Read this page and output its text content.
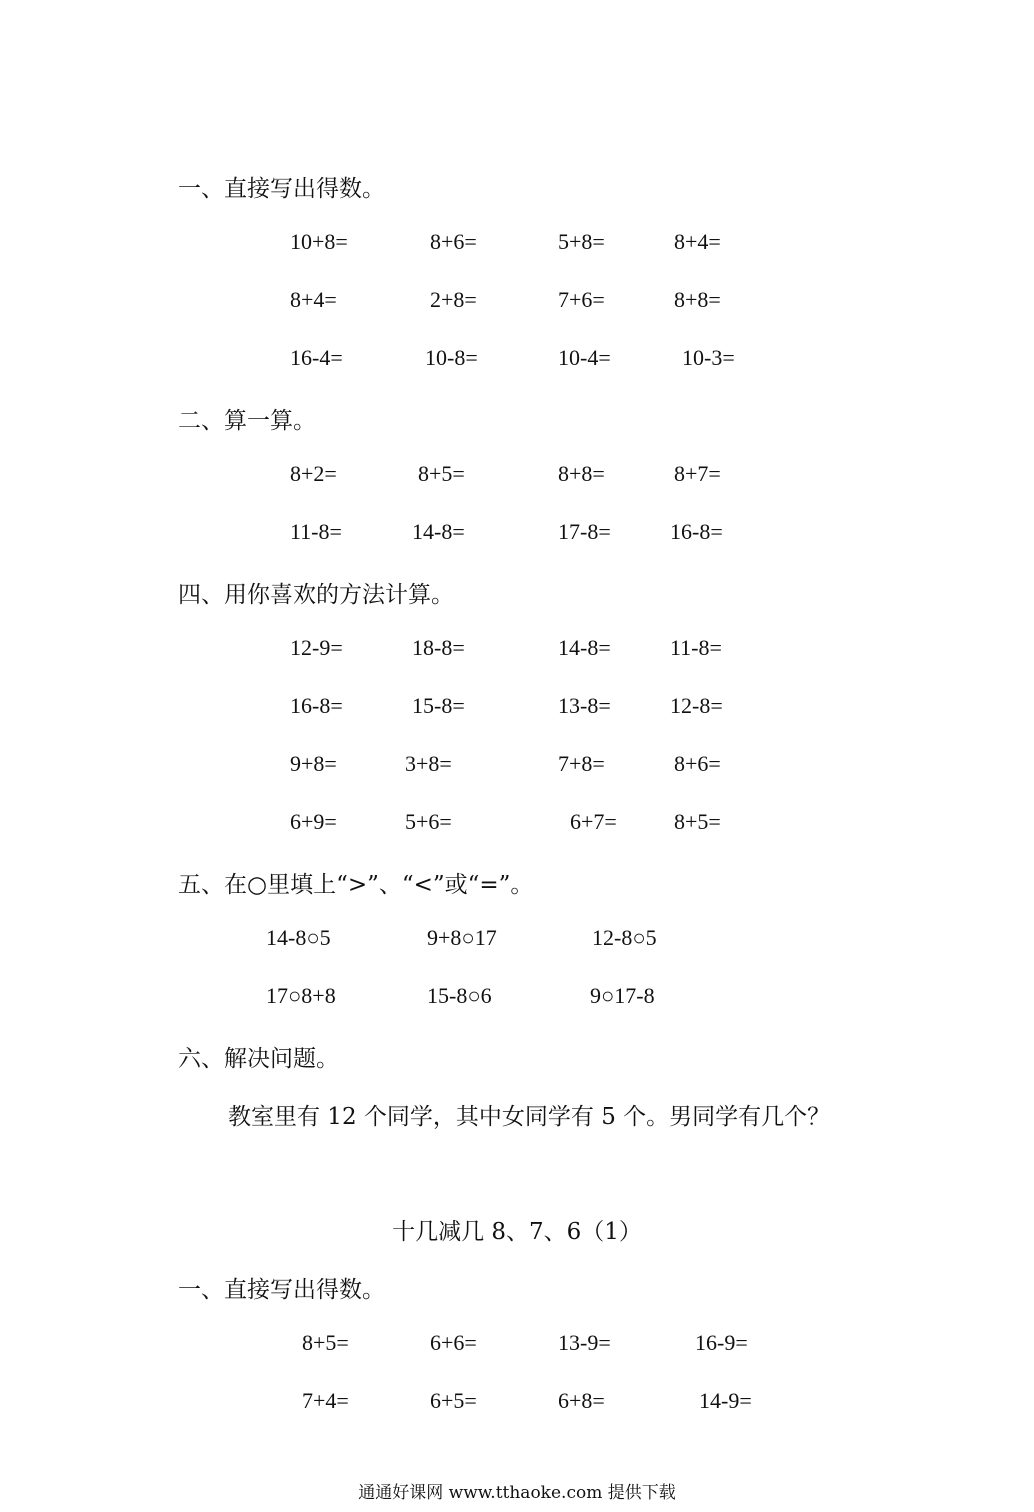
一、直接写出得数。
10+8=	8+6=	5+8=	8+4=
8+4=	2+8=	7+6=	8+8=
16-4=	10-8=	10-4=	10-3=
二、算一算。
8+2=	8+5=	8+8=	8+7=
11-8=	14-8=	17-8=	16-8=
四、用你喜欢的方法计算。
12-9=	18-8=	14-8=	11-8=
16-8=	15-8=	13-8=	12-8=
9+8=	3+8=	7+8=	8+6=
6+9=	5+6=	6+7=	8+5=
五、在○里填上“>”、“<”或“=”。
14-8○5	9+8○17	12-8○5
17○8+8	15-8○6	9○17-8
六、解决问题。
教室里有 12 个同学，其中女同学有 5 个。男同学有几个？
十几减几 8、7、6（1）
一、直接写出得数。
8+5=	6+6=	13-9=	16-9=
7+4=	6+5=	6+8=	14-9=
通通好课网 www.tthaoke.com 提供下载
